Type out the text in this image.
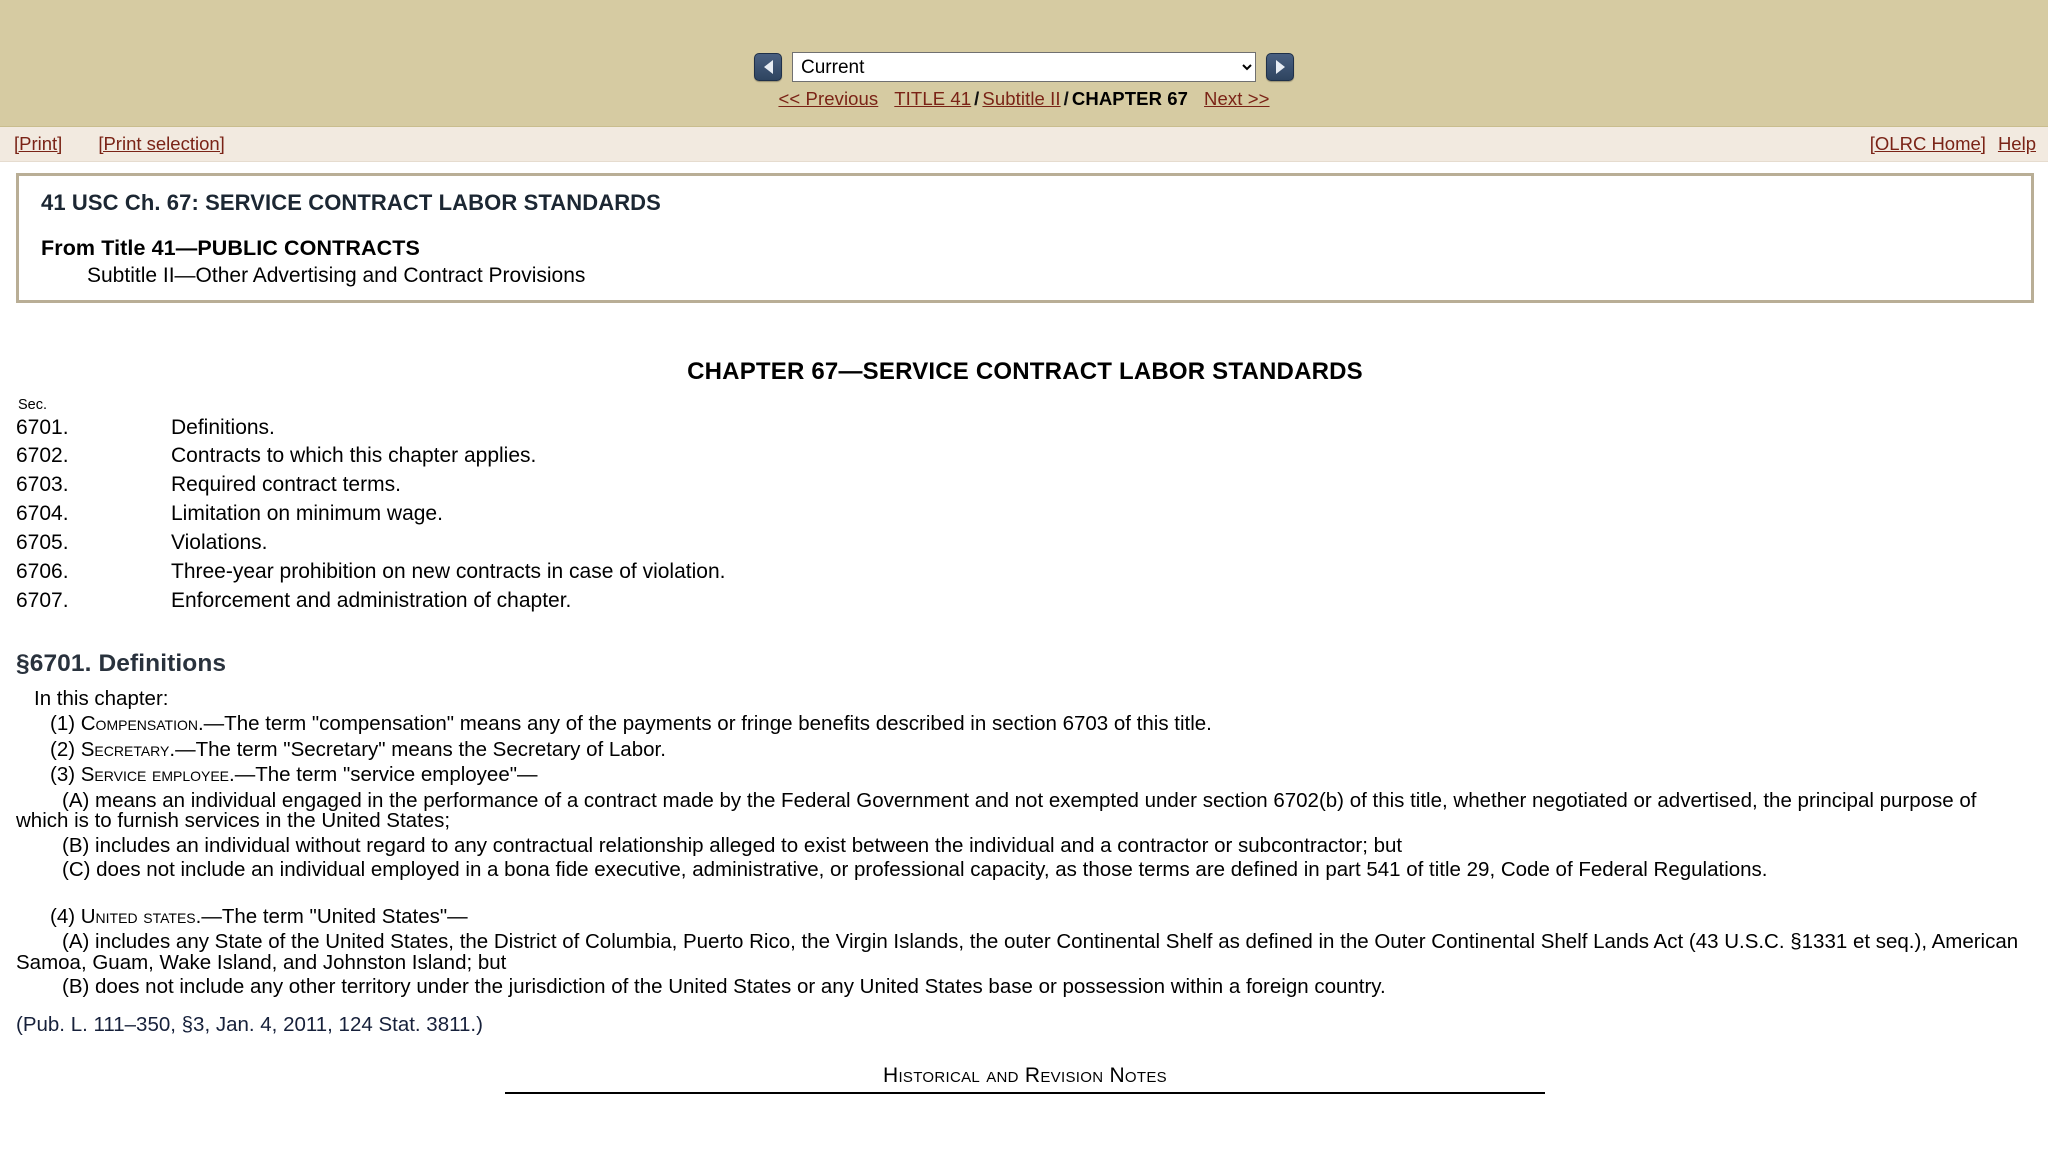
Current
<< Previous TITLE 41 / Subtitle II / CHAPTER 67 Next >>
[Print] [Print selection]	[OLRC Home] Help
41 USC Ch. 67: SERVICE CONTRACT LABOR STANDARDS
From Title 41—PUBLIC CONTRACTS
Subtitle II—Other Advertising and Contract Provisions
CHAPTER 67—SERVICE CONTRACT LABOR STANDARDS
Sec.
6701.	Definitions.
6702.	Contracts to which this chapter applies.
6703.	Required contract terms.
6704.	Limitation on minimum wage.
6705.	Violations.
6706.	Three-year prohibition on new contracts in case of violation.
6707.	Enforcement and administration of chapter.
§6701. Definitions

In this chapter:

(1) Compensation.—The term "compensation" means any of the payments or fringe benefits described in section 6703 of this title.

(2) Secretary.—The term "Secretary" means the Secretary of Labor.

(3) Service employee.—The term "service employee"—

(A) means an individual engaged in the performance of a contract made by the Federal Government and not exempted under section 6702(b) of this title, whether negotiated or advertised, the principal purpose of which is to furnish services in the United States;

(B) includes an individual without regard to any contractual relationship alleged to exist between the individual and a contractor or subcontractor; but

(C) does not include an individual employed in a bona fide executive, administrative, or professional capacity, as those terms are defined in part 541 of title 29, Code of Federal Regulations.

(4) United states.—The term "United States"—

(A) includes any State of the United States, the District of Columbia, Puerto Rico, the Virgin Islands, the outer Continental Shelf as defined in the Outer Continental Shelf Lands Act (43 U.S.C. §1331 et seq.), American Samoa, Guam, Wake Island, and Johnston Island; but

(B) does not include any other territory under the jurisdiction of the United States or any United States base or possession within a foreign country.

(Pub. L. 111–350, §3, Jan. 4, 2011, 124 Stat. 3811.)

Historical and Revision Notes
